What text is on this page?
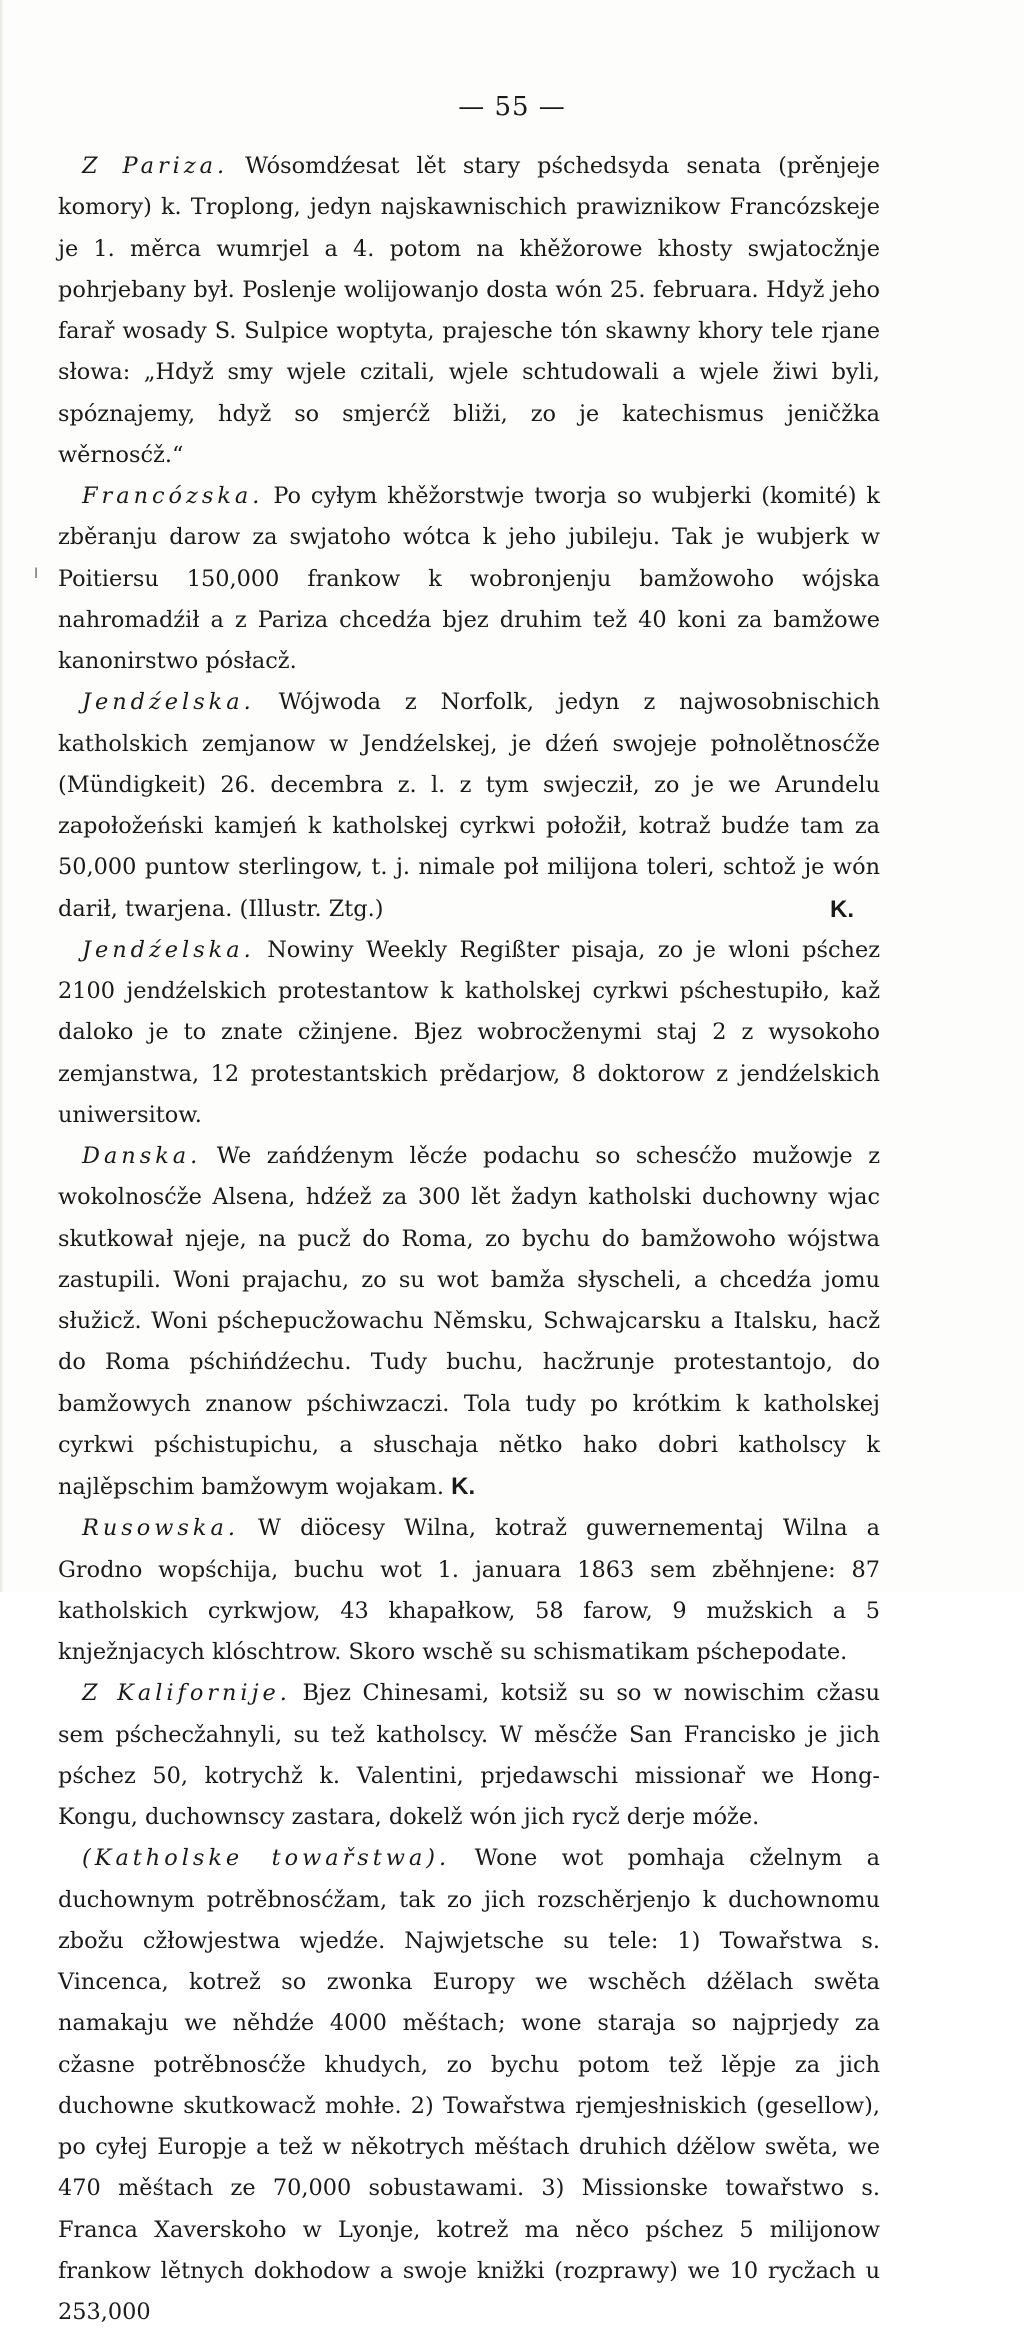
— 55 —
ǀ

Z Pariza. Wósomdźesat lět stary pśchedsyda senata (prěnjeje komory) k. Troplong, jedyn najskawnischich prawiznikow Francózskeje je 1. měrca wumrjel a 4. potom na khěžorowe khosty swjatocžnje pohrjebany był. Poslenje wolijowanjo dosta wón 25. februara. Hdyž jeho farař wosady S. Sulpice woptyta, prajesche tón skawny khory tele rjane słowa: „Hdyž smy wjele czitali, wjele schtudowali a wjele žiwi byli, spóznajemy, hdyž so smjerćž bliži, zo je katechismus jeničžka wěrnosćž.“

Francózska. Po cyłym khěžorstwje tworja so wubjerki (komité) k zběranju darow za swjatoho wótca k jeho jubileju. Tak je wubjerk w Poitiersu 150,000 frankow k wobronjenju bamžowoho wójska nahromadźił a z Pariza chcedźa bjez druhim tež 40 koni za bamžowe kanonirstwo pósłacž.

Jendźelska. Wójwoda z Norfolk, jedyn z najwosobnischich katholskich zemjanow w Jendźelskej, je dźeń swojeje połnolětnosćže (Mündigkeit) 26. decembra z. l. z tym swjecził, zo je we Arundelu zapołožeński kamjeń k katholskej cyrkwi połožił, kotraž budźe tam za 50,000 puntow sterlingow, t. j. nimale poł milijona toleri, schtož je wón darił, twarjena. (Illustr. Ztg.)	K.

Jendźelska. Nowiny Weekly Regißter pisaja, zo je wloni pśchez 2100 jendźelskich protestantow k katholskej cyrkwi pśchestupiło, kaž daloko je to znate cžinjene. Bjez wobrocženymi staj 2 z wysokoho zemjanstwa, 12 protestantskich prědarjow, 8 doktorow z jendźelskich uniwersitow.

Danska. We zańdźenym lěcźe podachu so schesćžo mužowje z wokolnosćže Alsena, hdźež za 300 lět žadyn katholski duchowny wjac skutkował njeje, na pucž do Roma, zo bychu do bamžowoho wójstwa zastupili. Woni prajachu, zo su wot bamža słyscheli, a chcedźa jomu słužicž. Woni pśchepucžowachu Němsku, Schwajcarsku a Italsku, hacž do Roma pśchińdźechu. Tudy buchu, hacžrunje protestantojo, do bamžowych znanow pśchiwzaczi. Tola tudy po krótkim k katholskej cyrkwi pśchistupichu, a słuschaja nětko hako dobri katholscy k najlěpschim bamžowym wojakam. K.

Rusowska. W diöcesy Wilna, kotraž guwernementaj Wilna a Grodno wopśchija, buchu wot 1. januara 1863 sem zběhnjene: 87 katholskich cyrkwjow, 43 khapałkow, 58 farow, 9 mužskich a 5 knježnjacych klóschtrow. Skoro wschě su schismatikam pśchepodate.

Z Kalifornije. Bjez Chinesami, kotsiž su so w nowischim cžasu sem pśchecžahnyli, su tež katholscy. W měsćže San Francisko je jich pśchez 50, kotrychž k. Valentini, prjedawschi missionař we Hong-Kongu, duchownscy zastara, dokelž wón jich rycž derje móže.

(Katholske towařstwa). Wone wot pomhaja cželnym a duchownym potrěbnosćžam, tak zo jich rozschěrjenjo k duchownomu zbožu cžłowjestwa wjedźe. Najwjetsche su tele: 1) Towařstwa s. Vincenca, kotrež so zwonka Europy we wschěch dźělach swěta namakaju we něhdźe 4000 měśtach; wone staraja so najprjedy za cžasne potrěbnosćže khudych, zo bychu potom tež lěpje za jich duchowne skutkowacž mohłe. 2) Towařstwa rjemjesłniskich (gesellow), po cyłej Europje a tež w někotrych měśtach druhich dźělow swěta, we 470 měśtach ze 70,000 sobustawami. 3) Missionske towařstwo s. Franca Xaverskoho w Lyonje, kotrež ma něco pśchez 5 milijonow frankow lětnych dokhodow a swoje knižki (rozprawy) we 10 rycžach u 253,000
